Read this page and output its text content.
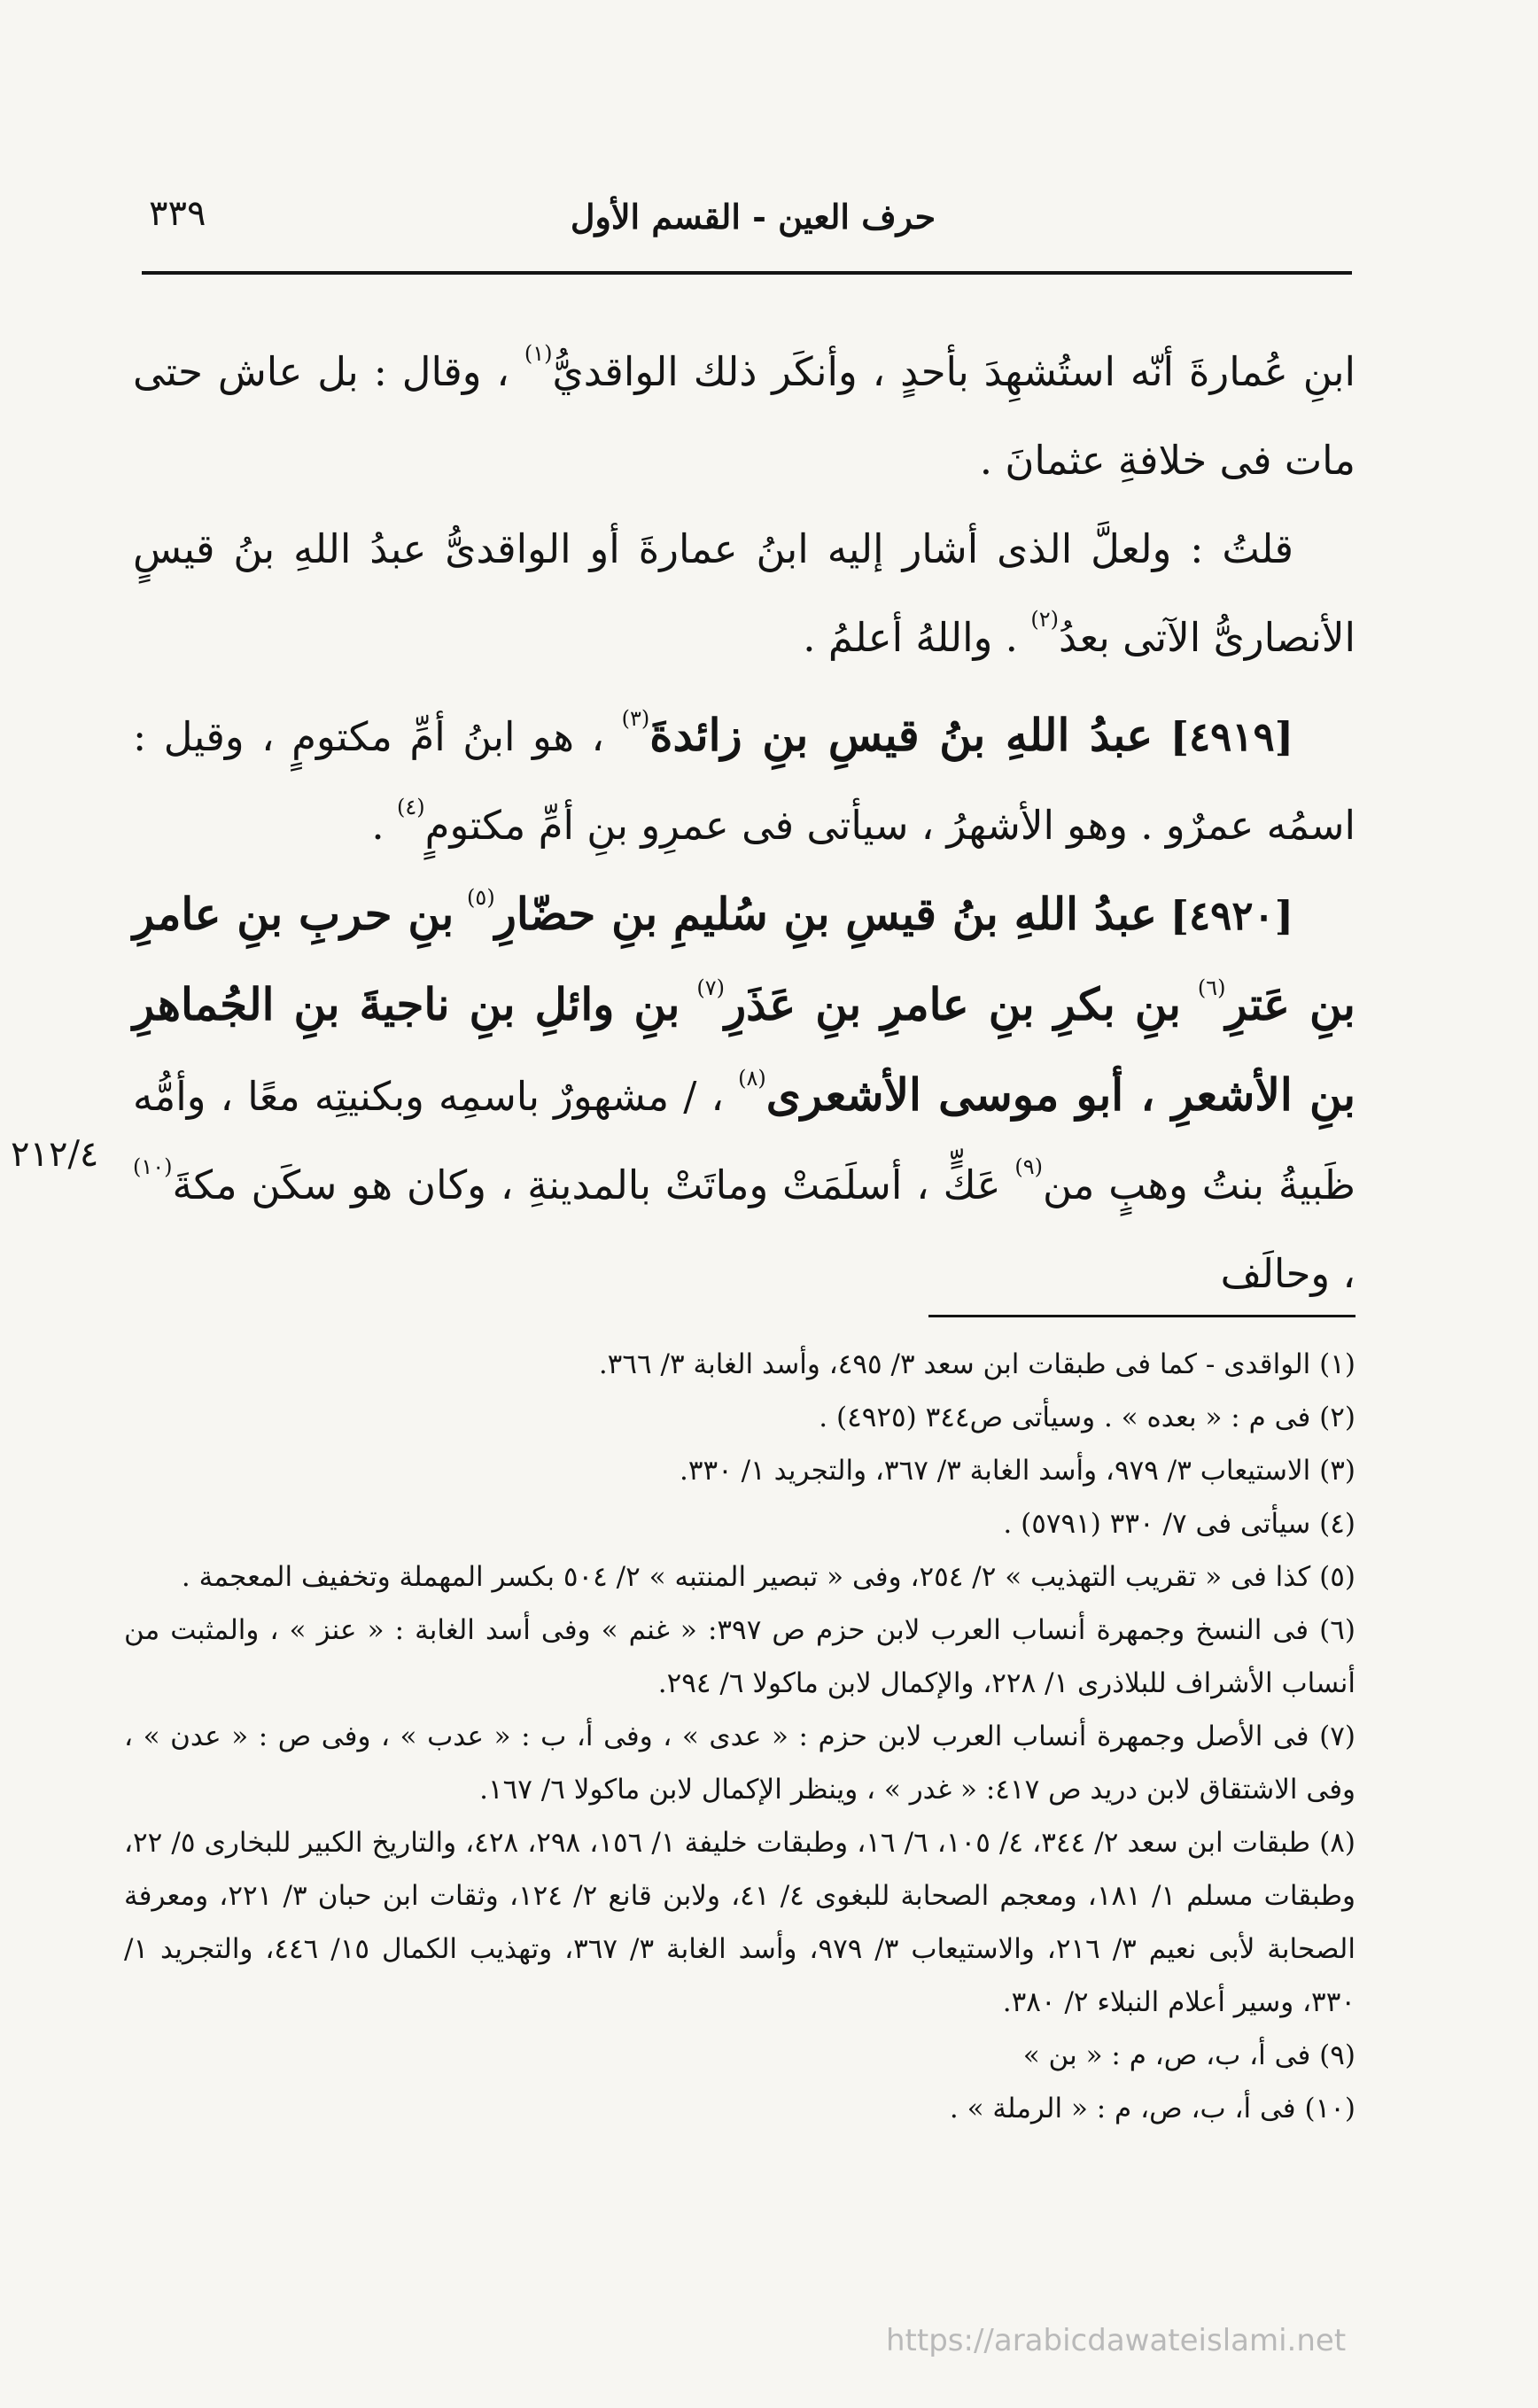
حرف العين - القسم الأول
٣٣٩

ابنِ عُمارةَ أنّه استُشهِدَ بأحدٍ ، وأنكَر ذلك الواقديُّ$^{(١)}$ ، وقال : بل عاش حتى مات فى خلافةِ عثمانَ .

قلتُ : ولعلَّ الذى أشار إليه ابنُ عمارةَ أو الواقدىُّ عبدُ اللهِ بنُ قيسٍ الأنصارىُّ الآتى بعدُ$^{(٢)}$ . واللهُ أعلمُ .

[٤٩١٩] عبدُ اللهِ بنُ قيسِ بنِ زائدةَ$^{(٣)}$ ، هو ابنُ أمِّ مكتومٍ ، وقيل : اسمُه عمرٌو . وهو الأشهرُ ، سيأتى فى عمرِو بنِ أمِّ مكتومٍ$^{(٤)}$ .

[٤٩٢٠] عبدُ اللهِ بنُ قيسِ بنِ سُليمِ بنِ حضّارِ$^{(٥)}$ بنِ حربِ بنِ عامرِ بنِ عَترِ$^{(٦)}$ بنِ بكرِ بنِ عامرِ بنِ عَذَرِ$^{(٧)}$ بنِ وائلِ بنِ ناجيةَ بنِ الجُماهرِ بنِ الأشعرِ ، أبو موسى الأشعرى$^{(٨)}$ ، / مشهورٌ باسمِه وبكنيتِه معًا ، وأمُّه ظَبيةُ بنتُ وهبٍ من$^{(٩)}$ عَكٍّ ، أسلَمَتْ وماتَتْ بالمدينةِ ، وكان هو سكَن مكةَ$^{(١٠)}$ ، وحالَف

٢١٢/٤
(١) الواقدى - كما فى طبقات ابن سعد ٣/ ٤٩٥، وأسد الغابة ٣/ ٣٦٦.
(٢) فى م : « بعده » . وسيأتى ص٣٤٤ (٤٩٢٥) .
(٣) الاستيعاب ٣/ ٩٧٩، وأسد الغابة ٣/ ٣٦٧، والتجريد ١/ ٣٣٠.
(٤) سيأتى فى ٧/ ٣٣٠ (٥٧٩١) .
(٥) كذا فى « تقريب التهذيب » ٢/ ٢٥٤، وفى « تبصير المنتبه » ٢/ ٥٠٤ بكسر المهملة وتخفيف المعجمة .
(٦) فى النسخ وجمهرة أنساب العرب لابن حزم ص ٣٩٧: « غنم » وفى أسد الغابة : « عنز » ، والمثبت من أنساب الأشراف للبلاذرى ١/ ٢٢٨، والإكمال لابن ماكولا ٦/ ٢٩٤.
(٧) فى الأصل وجمهرة أنساب العرب لابن حزم : « عدى » ، وفى أ، ب : « عدب » ، وفى ص : « عدن » ، وفى الاشتقاق لابن دريد ص ٤١٧: « غدر » ، وينظر الإكمال لابن ماكولا ٦/ ١٦٧.
(٨) طبقات ابن سعد ٢/ ٣٤٤، ٤/ ١٠٥، ٦/ ١٦، وطبقات خليفة ١/ ١٥٦، ٢٩٨، ٤٢٨، والتاريخ الكبير للبخارى ٥/ ٢٢، وطبقات مسلم ١/ ١٨١، ومعجم الصحابة للبغوى ٤/ ٤١، ولابن قانع ٢/ ١٢٤، وثقات ابن حبان ٣/ ٢٢١، ومعرفة الصحابة لأبى نعيم ٣/ ٢١٦، والاستيعاب ٣/ ٩٧٩، وأسد الغابة ٣/ ٣٦٧، وتهذيب الكمال ١٥/ ٤٤٦، والتجريد ١/ ٣٣٠، وسير أعلام النبلاء ٢/ ٣٨٠.
(٩) فى أ، ب، ص، م : « بن »
(١٠) فى أ، ب، ص، م : « الرملة » .
https://arabicdawateislami.net
